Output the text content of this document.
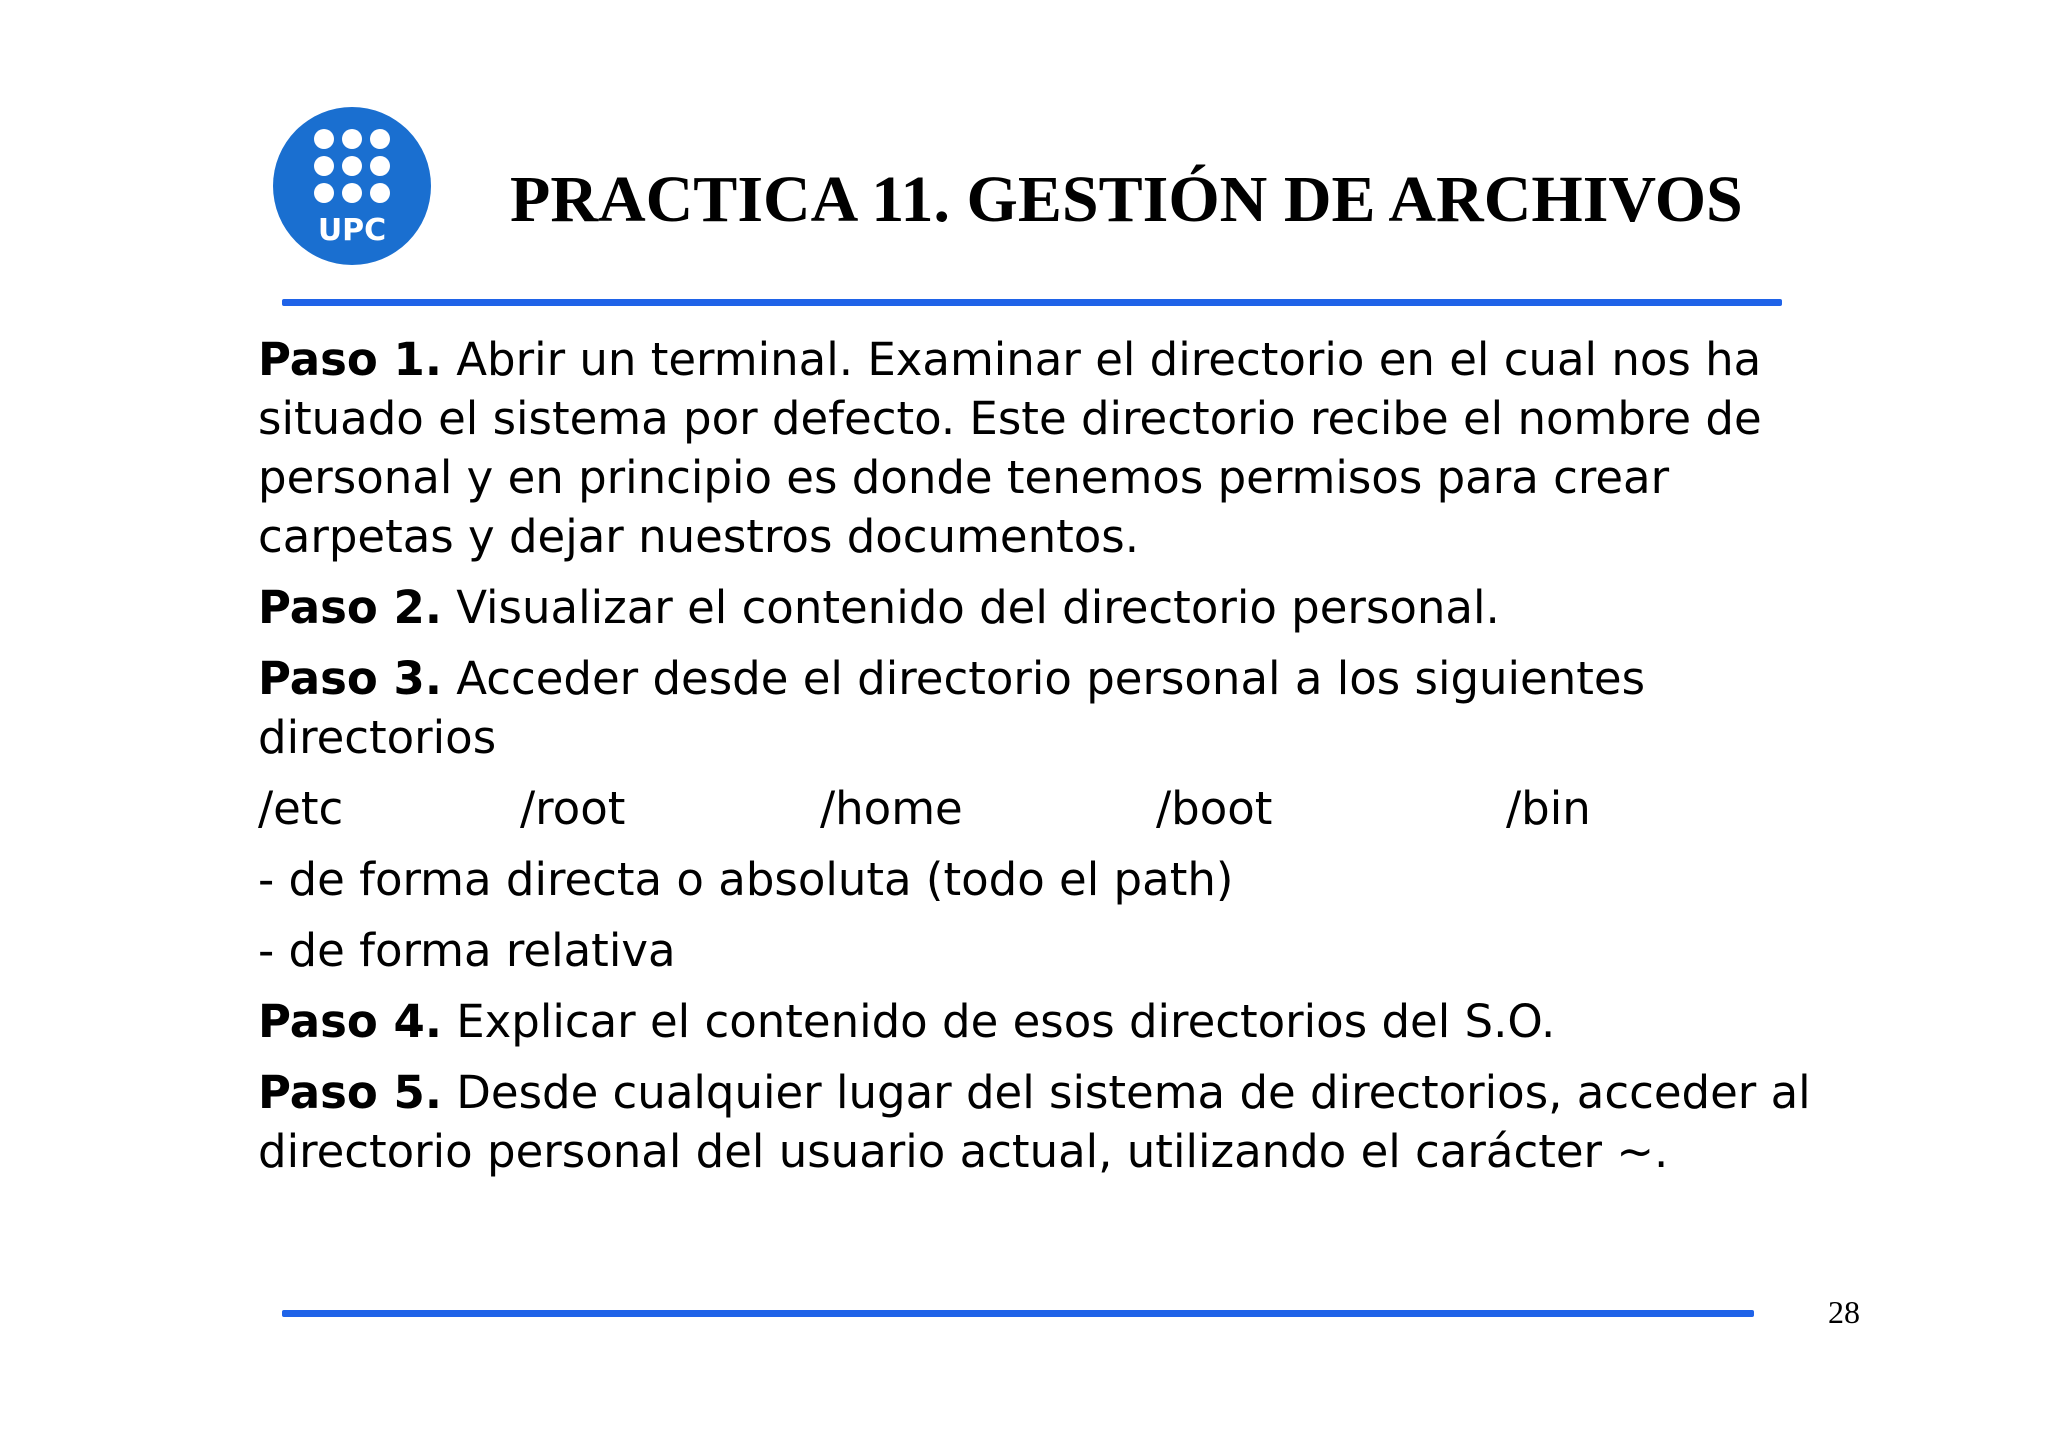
UPC PRACTICA 11. GESTIÓN DE ARCHIVOS
Paso 1. Abrir un terminal. Examinar el directorio en el cual nos ha
situado el sistema por defecto. Este directorio recibe el nombre de
personal y en principio es donde tenemos permisos para crear
carpetas y dejar nuestros documentos.
Paso 2. Visualizar el contenido del directorio personal.
Paso 3. Acceder desde el directorio personal a los siguientes
directorios
/etc	/root	/home	/boot	/bin
- de forma directa o absoluta (todo el path)
- de forma relativa
Paso 4. Explicar el contenido de esos directorios del S.O.
Paso 5. Desde cualquier lugar del sistema de directorios, acceder al
directorio personal del usuario actual, utilizando el carácter ~.
28
